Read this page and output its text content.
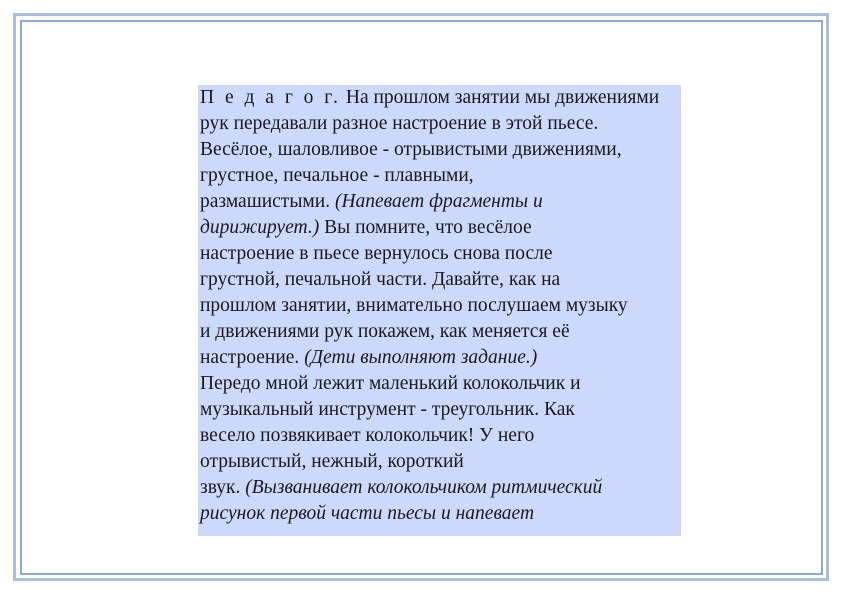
П е д а г о г. На прошлом занятии мы движениями

рук передавали разное настроение в этой пьесе.

Весёлое, шаловливое - отрывистыми движениями,

грустное, печальное - плавными,

размашистыми. (Напевает фрагменты и

дирижирует.) Вы помните, что весёлое

настроение в пьесе вернулось снова после

грустной, печальной части. Давайте, как на

прошлом занятии, внимательно послушаем музыку

и движениями рук покажем, как меняется её

настроение. (Дети выполняют задание.)

Передо мной лежит маленький колокольчик и

музыкальный инструмент - треугольник. Как

весело позвякивает колокольчик! У него

отрывистый, нежный, короткий

звук. (Вызванивает колокольчиком ритмический

рисунок первой части пьесы и напевает
